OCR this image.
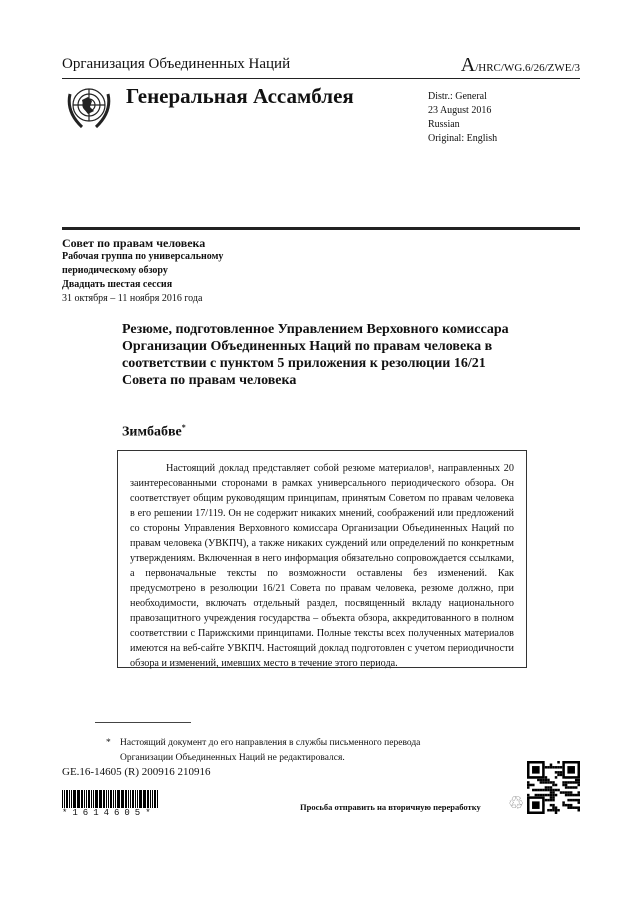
Организация Объединенных Наций	A/HRC/WG.6/26/ZWE/3
Генеральная Ассамблея	Distr.: General
23 August 2016
Russian
Original: English
Совет по правам человека
Рабочая группа по универсальному
периодическому обзору
Двадцать шестая сессия
31 октября – 11 ноября 2016 года
Резюме, подготовленное Управлением Верховного комиссара Организации Объединенных Наций по правам человека в соответствии с пунктом 5 приложения к резолюции 16/21 Совета по правам человека
Зимбабве*
Настоящий доклад представляет собой резюме материалов¹, направленных 20 заинтересованными сторонами в рамках универсального периодического обзора. Он соответствует общим руководящим принципам, принятым Советом по правам человека в его решении 17/119. Он не содержит никаких мнений, соображений или предложений со стороны Управления Верховного комиссара Организации Объединенных Наций по правам человека (УВКПЧ), а также никаких суждений или определений по конкретным утверждениям. Включенная в него информация обязательно сопровождается ссылками, а первоначальные тексты по возможности оставлены без изменений. Как предусмотрено в резолюции 16/21 Совета по правам человека, резюме должно, при необходимости, включать отдельный раздел, посвященный вкладу национального правозащитного учреждения государства – объекта обзора, аккредитованного в полном соответствии с Парижскими принципами. Полные тексты всех полученных материалов имеются на веб-сайте УВКПЧ. Настоящий доклад подготовлен с учетом периодичности обзора и изменений, имевших место в течение этого периода.
* Настоящий документ до его направления в службы письменного перевода
Организации Объединенных Наций не редактировался.
GE.16-14605 (R) 200916 210916
*1614605*
Просьба отправить на вторичную переработку ♲
